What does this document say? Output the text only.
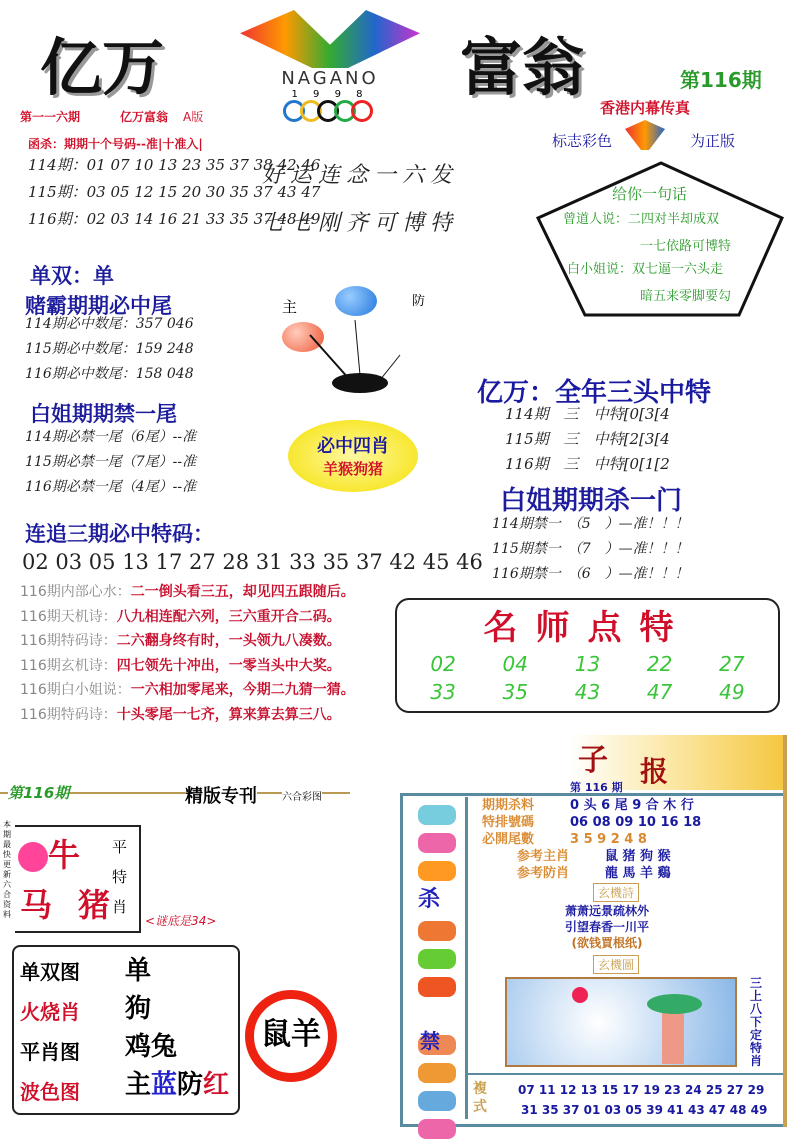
亿万	NAGANO
1 9 9 8	富翁	第116期
第一一六期	亿万富翁 A版
函杀：期期十个号码--准|十准入|
114期：01 07 10 13 23 35 37 38 42 46
115期：03 05 12 15 20 30 35 37 43 47
116期：02 03 14 16 21 33 35 37 48 49
好运连念一六发
七七刚齐可博特
香港内幕传真
标志彩色	为正版
给你一句话
曾道人说：二四对半却成双
一七依路可博特
白小姐说：双七逼一六头走
暗五来零脚要勾
单双：单
赌霸期期必中尾
114期必中数尾：357 046
115期必中数尾：159 248
116期必中数尾：158 048
主	防
白姐期期禁一尾
114期必禁一尾（6尾）--准
115期必禁一尾（7尾）--准
116期必禁一尾（4尾）--准
必中四肖
羊猴狗猪
亿万：全年三头中特
114期　三　中特[0[3[4
115期　三　中特[2[3[4
116期　三　中特[0[1[2
白姐期期杀一门
114期禁一　（5　）—准！！！
115期禁一　（7　）—准！！！
116期禁一　（6　）—准！！！
连追三期必中特码：
02 03 05 13 17 27 28 31 33 35 37 42 45 46
116期内部心水：二一倒头看三五，却见四五跟随后。
116期天机诗：八九相连配六列，三六重开合二码。
116期特码诗：二六翻身终有时，一头领九八凑数。
116期玄机诗：四七领先十冲出，一零当头中大奖。
116期白小姐说：一六相加零尾来，今期二九猜一猜。
116期特码诗：十头零尾一七齐，算来算去算三八。
名师点特
02	04	13	22	27
33	35	43	47	49
第116期	精版专刊	六合彩图
本期最快更新六合资料
牛
马 猪
平特肖
<谜底是34>
单双图
火烧肖
平肖图
波色图
单
狗
鸡兔
主蓝防红
鼠羊
子 报
第 116 期
杀
禁
期期杀料	0 头 6 尾 9 合 木 行
特排號碼	06 08 09 10 16 18
必開尾數	3 5 9 2 4 8
参考主肖	鼠 猪 狗 猴
参考防肖	龍 馬 羊 鷄
玄機詩
萧萧远景疏林外
引望春香一川平
(欲钱買根纸)
玄機圖
三上八下定特肖
複式
07 11 12 13 15 17 19 23 24 25 27 29
31 35 37 01 03 05 39 41 43 47 48 49
